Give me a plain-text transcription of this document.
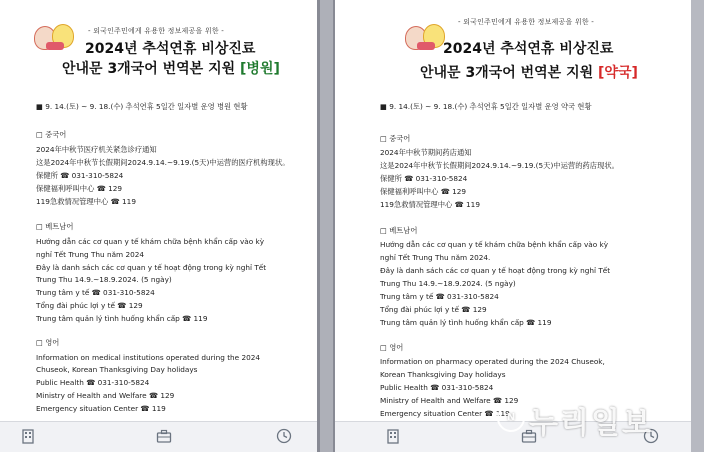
- 외국인주민에게 유용한 정보제공을 위한 -
2024년 추석연휴 비상진료
안내문 3개국어 번역본 지원 [병원]
■ 9. 14.(토) ~ 9. 18.(수) 추석연휴 5일간 일자별 운영 병원 현황
□ 중국어
2024年中秋节医疗机关紧急诊疗通知
这是2024年中秋节长假期间2024.9.14.~9.19.(5天)中运营的医疗机构现状。
保健所 ☎ 031-310-5824
保健福利呼叫中心 ☎ 129
119急救情况管理中心 ☎ 119
□ 베트남어
Hướng dẫn các cơ quan y tế khám chữa bệnh khẩn cấp vào kỳ
nghỉ Tết Trung Thu năm 2024
Đây là danh sách các cơ quan y tế hoạt động trong kỳ nghỉ Tết
Trung Thu 14.9.~18.9.2024. (5 ngày)
Trung tâm y tế ☎ 031-310-5824
Tổng đài phúc lợi y tế ☎ 129
Trung tâm quản lý tình huống khẩn cấp ☎ 119
□ 영어
Information on medical institutions operated during the 2024
Chuseok, Korean Thanksgiving Day holidays
Public Health ☎ 031-310-5824
Ministry of Health and Welfare ☎ 129
Emergency situation Center ☎ 119
- 외국인주민에게 유용한 정보제공을 위한 -
2024년 추석연휴 비상진료
안내문 3개국어 번역본 지원 [약국]
■ 9. 14.(토) ~ 9. 18.(수) 추석연휴 5일간 일자별 운영 약국 현황
□ 중국어
2024年中秋节期间药店通知
这是2024年中秋节长假期间2024.9.14.~9.19.(5天)中运营的药店现状。
保健所 ☎ 031-310-5824
保健福利呼叫中心 ☎ 129
119急救情况管理中心 ☎ 119
□ 베트남어
Hướng dẫn các cơ quan y tế khám chữa bệnh khẩn cấp vào kỳ
nghỉ Tết Trung Thu năm 2024.
Đây là danh sách các cơ quan y tế hoạt động trong kỳ nghỉ Tết
Trung Thu 14.9.~18.9.2024. (5 ngày)
Trung tâm y tế ☎ 031-310-5824
Tổng đài phúc lợi y tế ☎ 129
Trung tâm quản lý tình huống khẩn cấp ☎ 119
□ 영어
Information on pharmacy operated during the 2024 Chuseok,
Korean Thanksgiving Day holidays
Public Health ☎ 031-310-5824
Ministry of Health and Welfare ☎ 129
Emergency situation Center ☎ 119
N 누리일보
